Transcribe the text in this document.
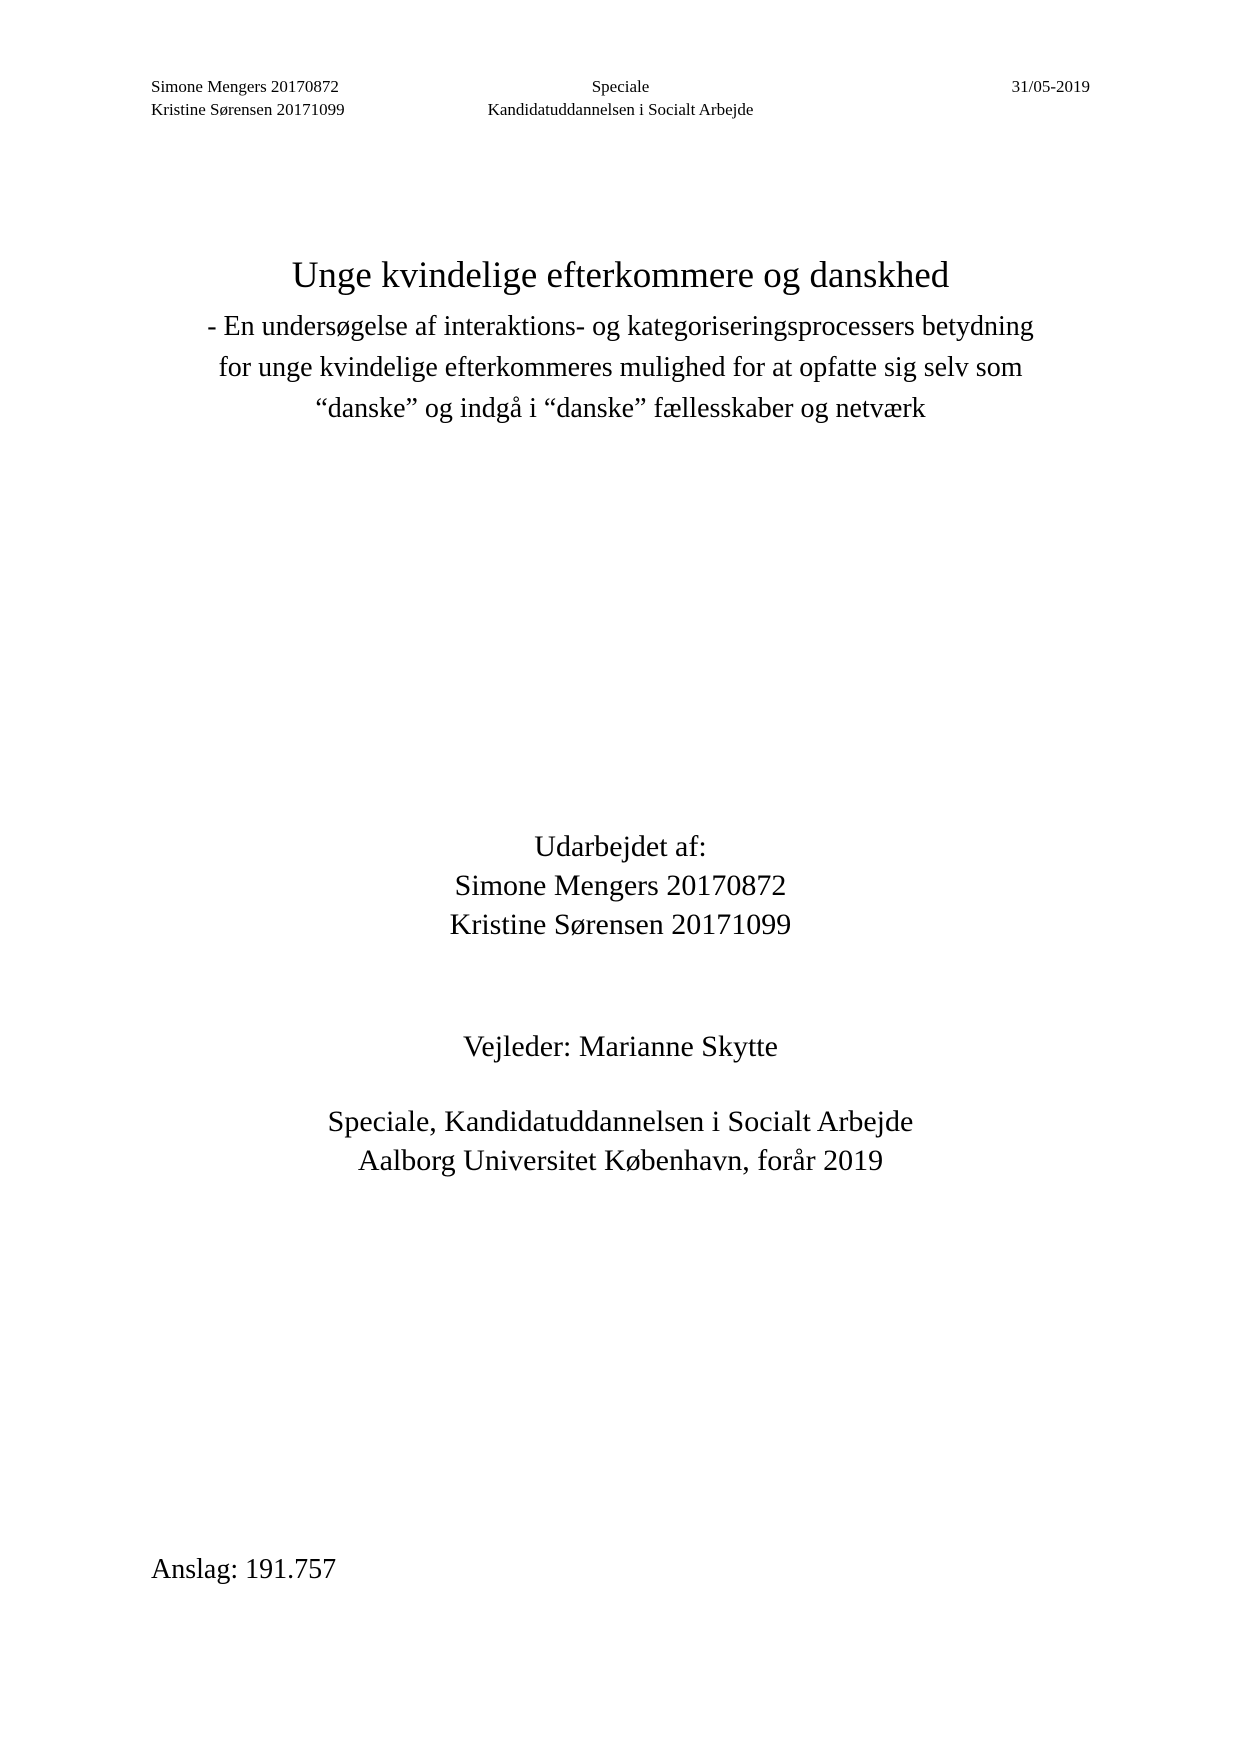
Simone Mengers 20170872
Kristine Sørensen 20171099
Speciale
Kandidatuddannelsen i Socialt Arbejde
31/05-2019
Unge kvindelige efterkommere og danskhed
- En undersøgelse af interaktions- og kategoriseringsprocessers betydning
for unge kvindelige efterkommeres mulighed for at opfatte sig selv som
“danske” og indgå i “danske” fællesskaber og netværk
Udarbejdet af:
Simone Mengers 20170872
Kristine Sørensen 20171099
Vejleder: Marianne Skytte
Speciale, Kandidatuddannelsen i Socialt Arbejde
Aalborg Universitet København, forår 2019
Anslag: 191.757
